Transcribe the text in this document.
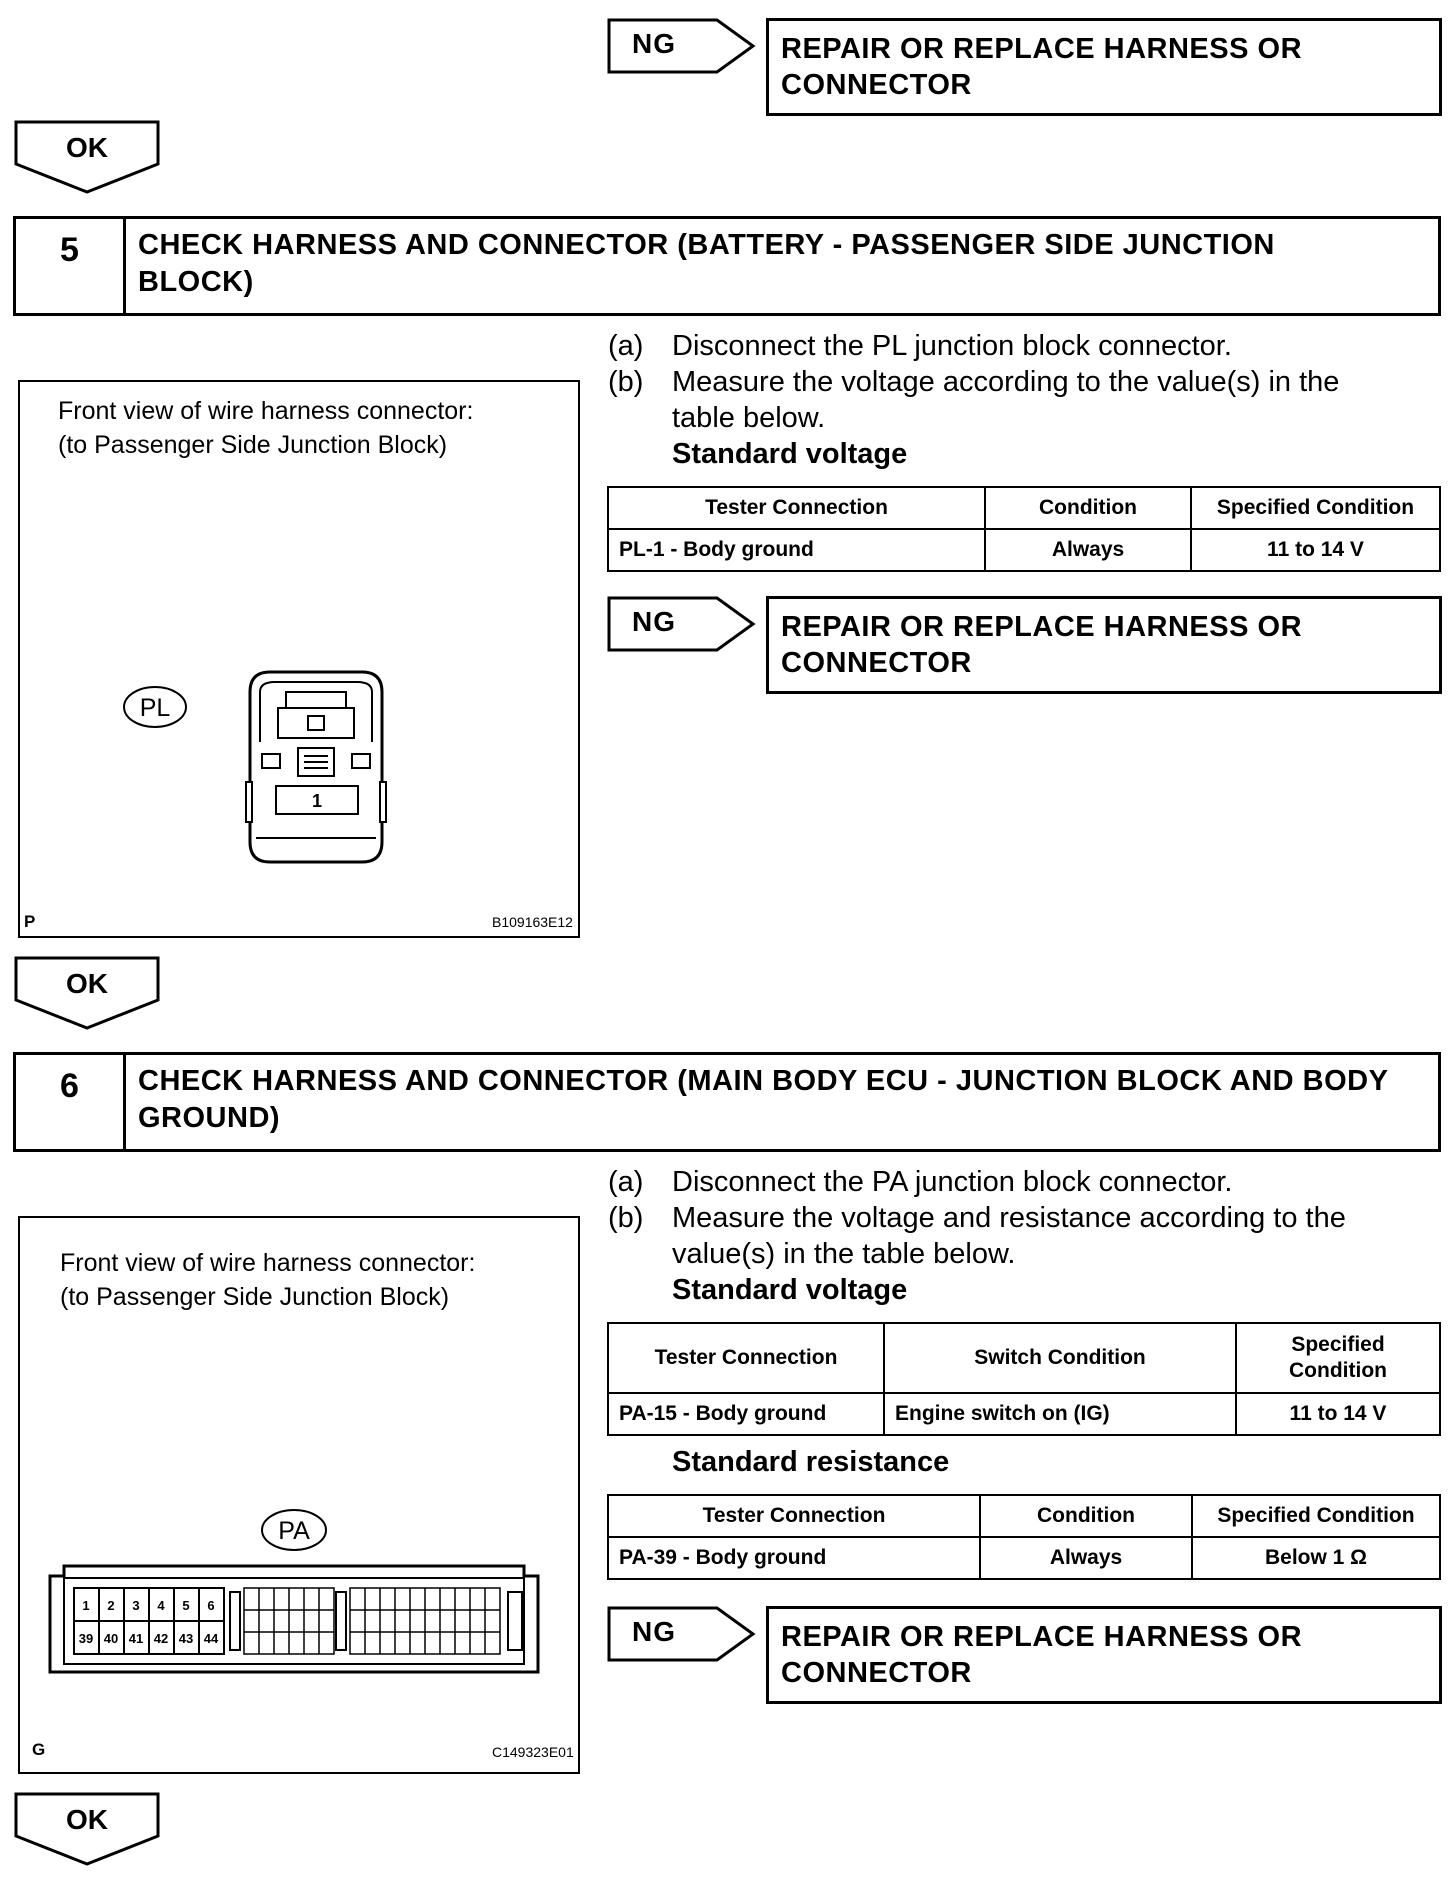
NG	REPAIR OR REPLACE HARNESS OR
CONNECTOR
OK
5	CHECK HARNESS AND CONNECTOR (BATTERY - PASSENGER SIDE JUNCTION
BLOCK)
Front view of wire harness connector:
(to Passenger Side Junction Block)
PL
1
P	B109163E12
(a) Disconnect the PL junction block connector.
(b) Measure the voltage according to the value(s) in the
table below.
Standard voltage
Tester Connection	Condition	Specified Condition
PL-1 - Body ground	Always	11 to 14 V
NG	REPAIR OR REPLACE HARNESS OR
CONNECTOR
OK
6	CHECK HARNESS AND CONNECTOR (MAIN BODY ECU - JUNCTION BLOCK AND BODY
GROUND)
Front view of wire harness connector:
(to Passenger Side Junction Block)
PA
1 2 3 4 5 6
39 40 41 42 43 44
G	C149323E01
(a) Disconnect the PA junction block connector.
(b) Measure the voltage and resistance according to the
value(s) in the table below.
Standard voltage
Tester Connection	Switch Condition	Specified Condition
PA-15 - Body ground	Engine switch on (IG)	11 to 14 V
Standard resistance
Tester Connection	Condition	Specified Condition
PA-39 - Body ground	Always	Below 1 Ω
NG	REPAIR OR REPLACE HARNESS OR
CONNECTOR
OK
